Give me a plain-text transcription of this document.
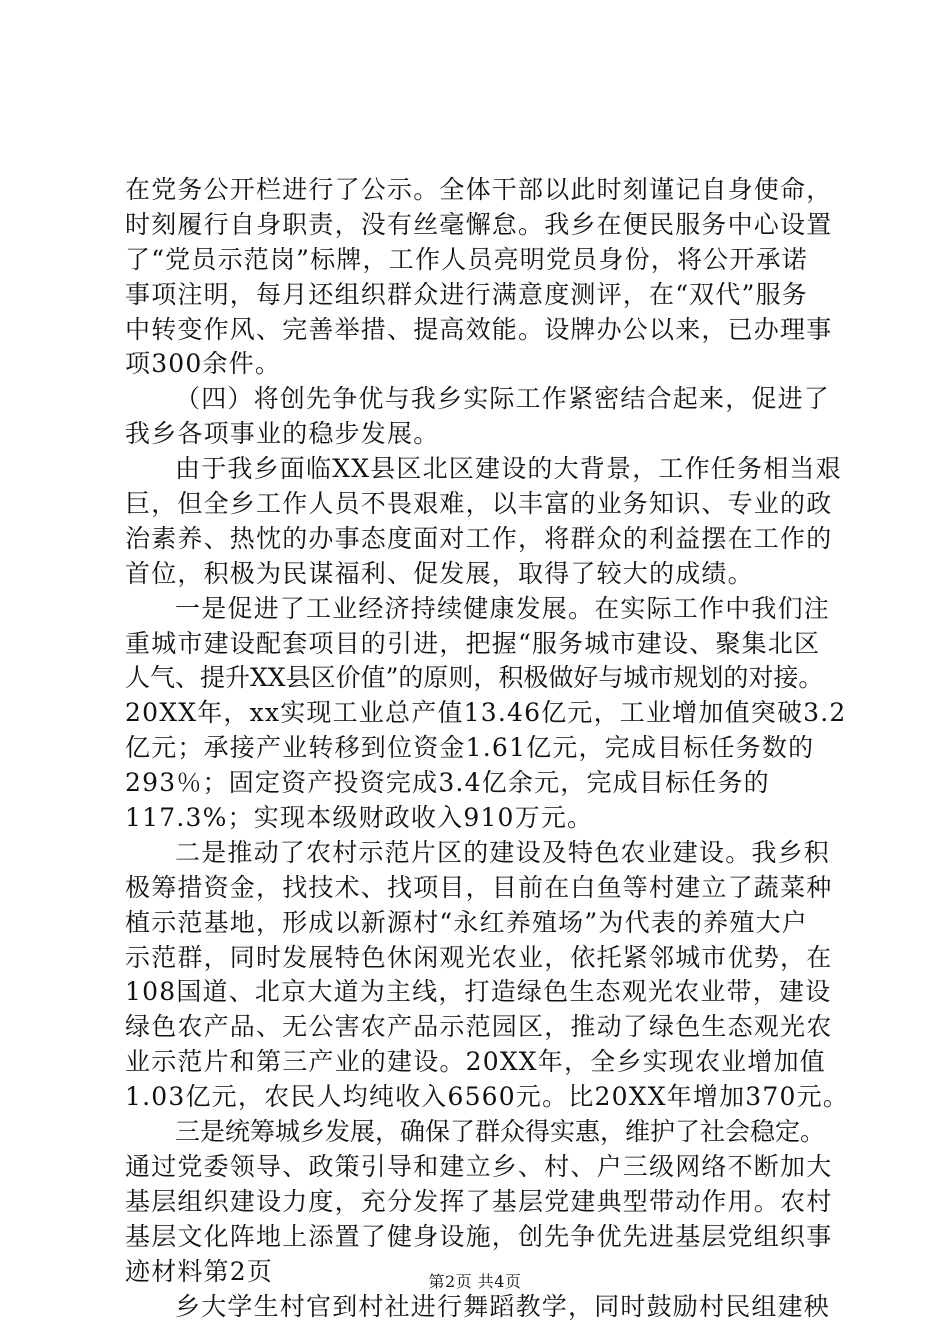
在党务公开栏进行了公示。全体干部以此时刻谨记自身使命，
时刻履行自身职责，没有丝毫懈怠。我乡在便民服务中心设置
了“党员示范岗”标牌，工作人员亮明党员身份，将公开承诺
事项注明，每月还组织群众进行满意度测评，在“双代”服务
中转变作风、完善举措、提高效能。设牌办公以来，已办理事
项300余件。
（四）将创先争优与我乡实际工作紧密结合起来，促进了
我乡各项事业的稳步发展。
由于我乡面临XX县区北区建设的大背景，工作任务相当艰
巨，但全乡工作人员不畏艰难，以丰富的业务知识、专业的政
治素养、热忱的办事态度面对工作，将群众的利益摆在工作的
首位，积极为民谋福利、促发展，取得了较大的成绩。
一是促进了工业经济持续健康发展。在实际工作中我们注
重城市建设配套项目的引进，把握“服务城市建设、聚集北区
人气、提升XX县区价值”的原则，积极做好与城市规划的对接。
20XX年，xx实现工业总产值13.46亿元，工业增加值突破3.2
亿元；承接产业转移到位资金1.61亿元，完成目标任务数的
293％；固定资产投资完成3.4亿余元，完成目标任务的
117.3%；实现本级财政收入910万元。
二是推动了农村示范片区的建设及特色农业建设。我乡积
极筹措资金，找技术、找项目，目前在白鱼等村建立了蔬菜种
植示范基地，形成以新源村“永红养殖场”为代表的养殖大户
示范群，同时发展特色休闲观光农业，依托紧邻城市优势，在
108国道、北京大道为主线，打造绿色生态观光农业带，建设
绿色农产品、无公害农产品示范园区，推动了绿色生态观光农
业示范片和第三产业的建设。20XX年，全乡实现农业增加值
1.03亿元，农民人均纯收入6560元。比20XX年增加370元。
三是统筹城乡发展，确保了群众得实惠，维护了社会稳定。
通过党委领导、政策引导和建立乡、村、户三级网络不断加大
基层组织建设力度，充分发挥了基层党建典型带动作用。农村
基层文化阵地上添置了健身设施，创先争优先进基层党组织事
迹材料第2页
乡大学生村官到村社进行舞蹈教学，同时鼓励村民组建秧
第2页 共4页
